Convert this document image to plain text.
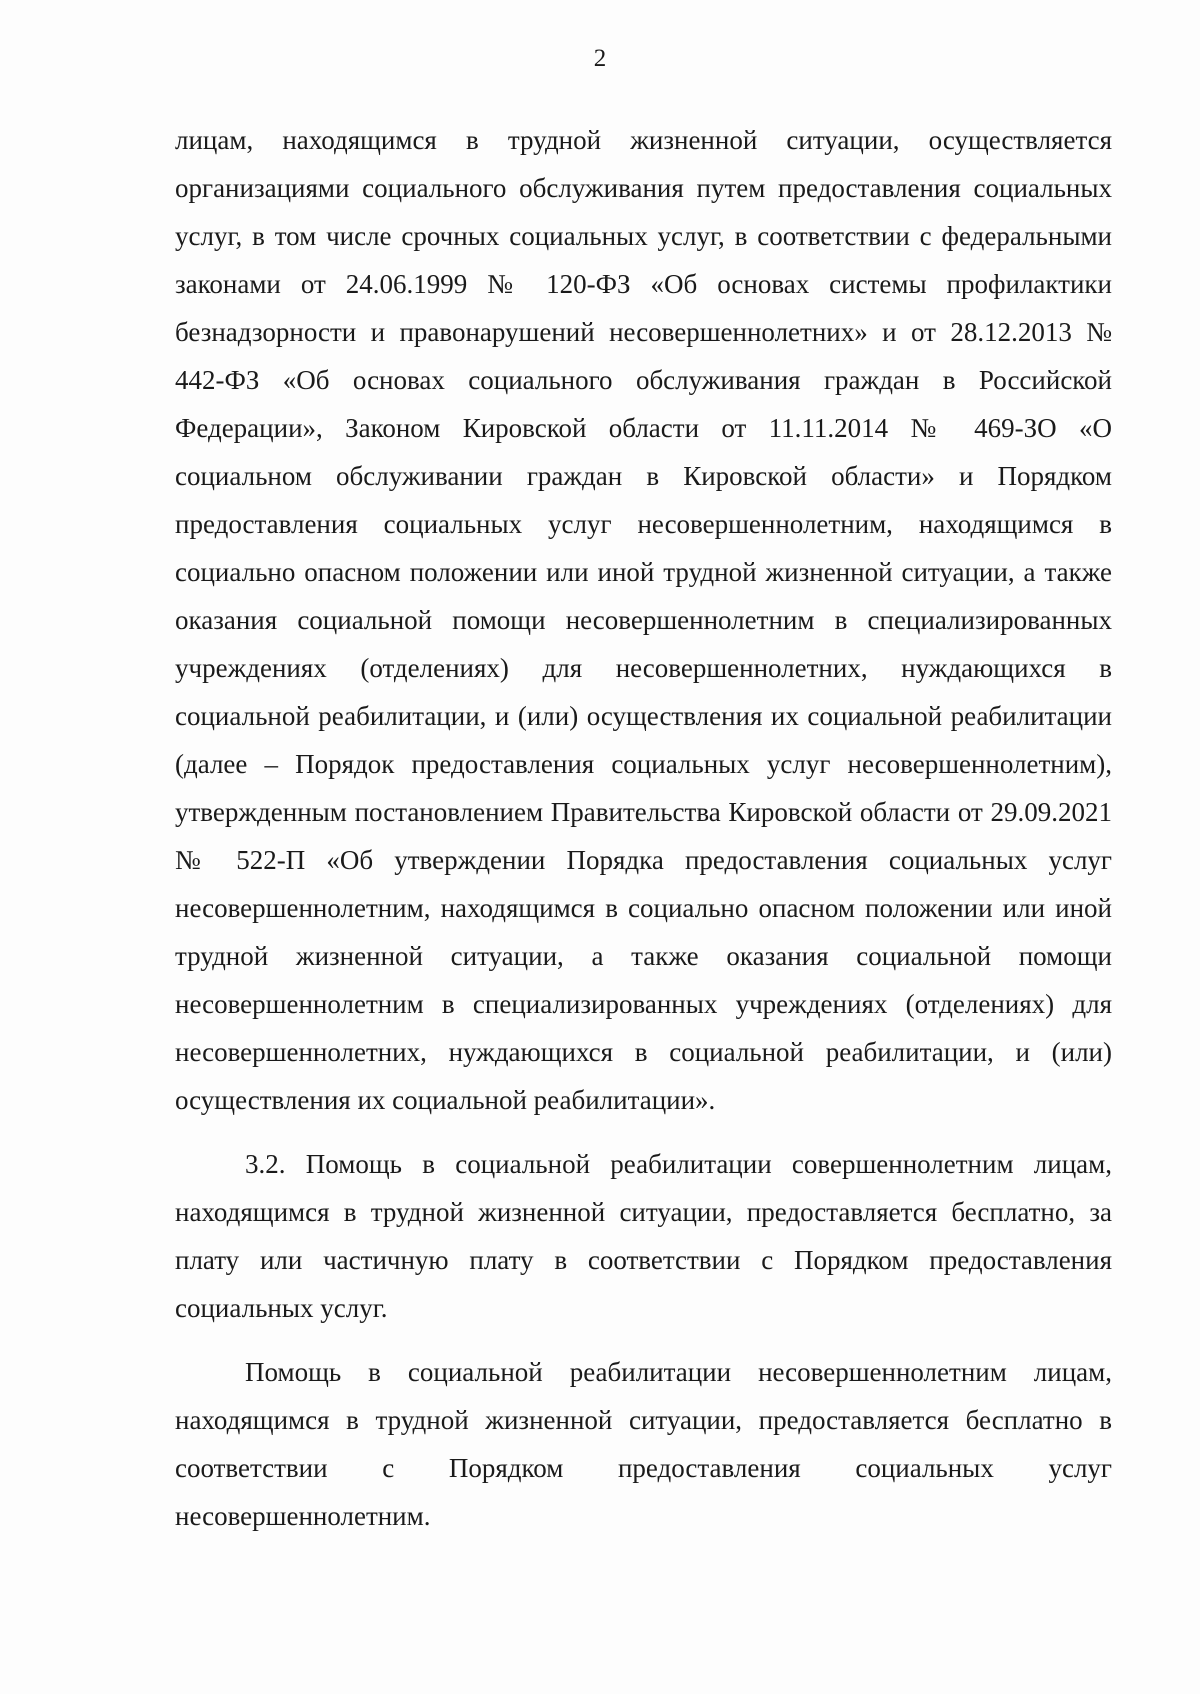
2

лицам, находящимся в трудной жизненной ситуации, осуществляется организациями социального обслуживания путем предоставления социальных услуг, в том числе срочных социальных услуг, в соответствии с федеральными законами от 24.06.1999 № 120-ФЗ «Об основах системы профилактики безнадзорности и правонарушений несовершеннолетних» и от 28.12.2013 № 442-ФЗ «Об основах социального обслуживания граждан в Российской Федерации», Законом Кировской области от 11.11.2014 № 469-ЗО «О социальном обслуживании граждан в Кировской области» и Порядком предоставления социальных услуг несовершеннолетним, находящимся в социально опасном положении или иной трудной жизненной ситуации, а также оказания социальной помощи несовершеннолетним в специализированных учреждениях (отделениях) для несовершеннолетних, нуждающихся в социальной реабилитации, и (или) осуществления их социальной реабилитации (далее – Порядок предоставления социальных услуг несовершеннолетним), утвержденным постановлением Правительства Кировской области от 29.09.2021 № 522-П «Об утверждении Порядка предоставления социальных услуг несовершеннолетним, находящимся в социально опасном положении или иной трудной жизненной ситуации, а также оказания социальной помощи несовершеннолетним в специализированных учреждениях (отделениях) для несовершеннолетних, нуждающихся в социальной реабилитации, и (или) осуществления их социальной реабилитации».

3.2. Помощь в социальной реабилитации совершеннолетним лицам, находящимся в трудной жизненной ситуации, предоставляется бесплатно, за плату или частичную плату в соответствии с Порядком предоставления социальных услуг.

Помощь в социальной реабилитации несовершеннолетним лицам, находящимся в трудной жизненной ситуации, предоставляется бесплатно в соответствии с Порядком предоставления социальных услуг несовершеннолетним.
